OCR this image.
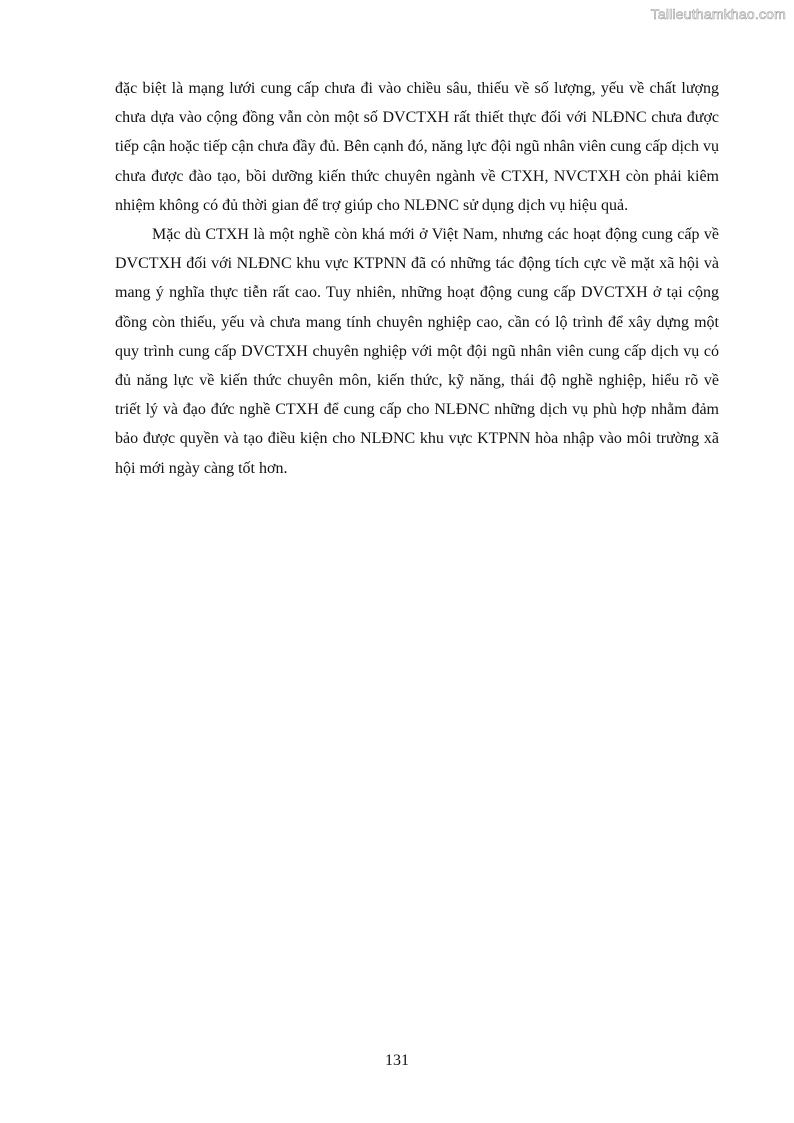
Tailieuthamkhao.com

đặc biệt là mạng lưới cung cấp chưa đi vào chiều sâu, thiếu về số lượng, yếu về chất lượng chưa dựa vào cộng đồng vẫn còn một số DVCTXH rất thiết thực đối với NLĐNC chưa được tiếp cận hoặc tiếp cận chưa đầy đủ. Bên cạnh đó, năng lực đội ngũ nhân viên cung cấp dịch vụ chưa được đào tạo, bồi dưỡng kiến thức chuyên ngành về CTXH, NVCTXH còn phải kiêm nhiệm không có đủ thời gian để trợ giúp cho NLĐNC sử dụng dịch vụ hiệu quả.

Mặc dù CTXH là một nghề còn khá mới ở Việt Nam, nhưng các hoạt động cung cấp về DVCTXH đối với NLĐNC khu vực KTPNN đã có những tác động tích cực về mặt xã hội và mang ý nghĩa thực tiễn rất cao. Tuy nhiên, những hoạt động cung cấp DVCTXH ở tại cộng đồng còn thiếu, yếu và chưa mang tính chuyên nghiệp cao, cần có lộ trình để xây dựng một quy trình cung cấp DVCTXH chuyên nghiệp với một đội ngũ nhân viên cung cấp dịch vụ có đủ năng lực về kiến thức chuyên môn, kiến thức, kỹ năng, thái độ nghề nghiệp, hiểu rõ về triết lý và đạo đức nghề CTXH để cung cấp cho NLĐNC những dịch vụ phù hợp nhằm đảm bảo được quyền và tạo điều kiện cho NLĐNC khu vực KTPNN hòa nhập vào môi trường xã hội mới ngày càng tốt hơn.

131
